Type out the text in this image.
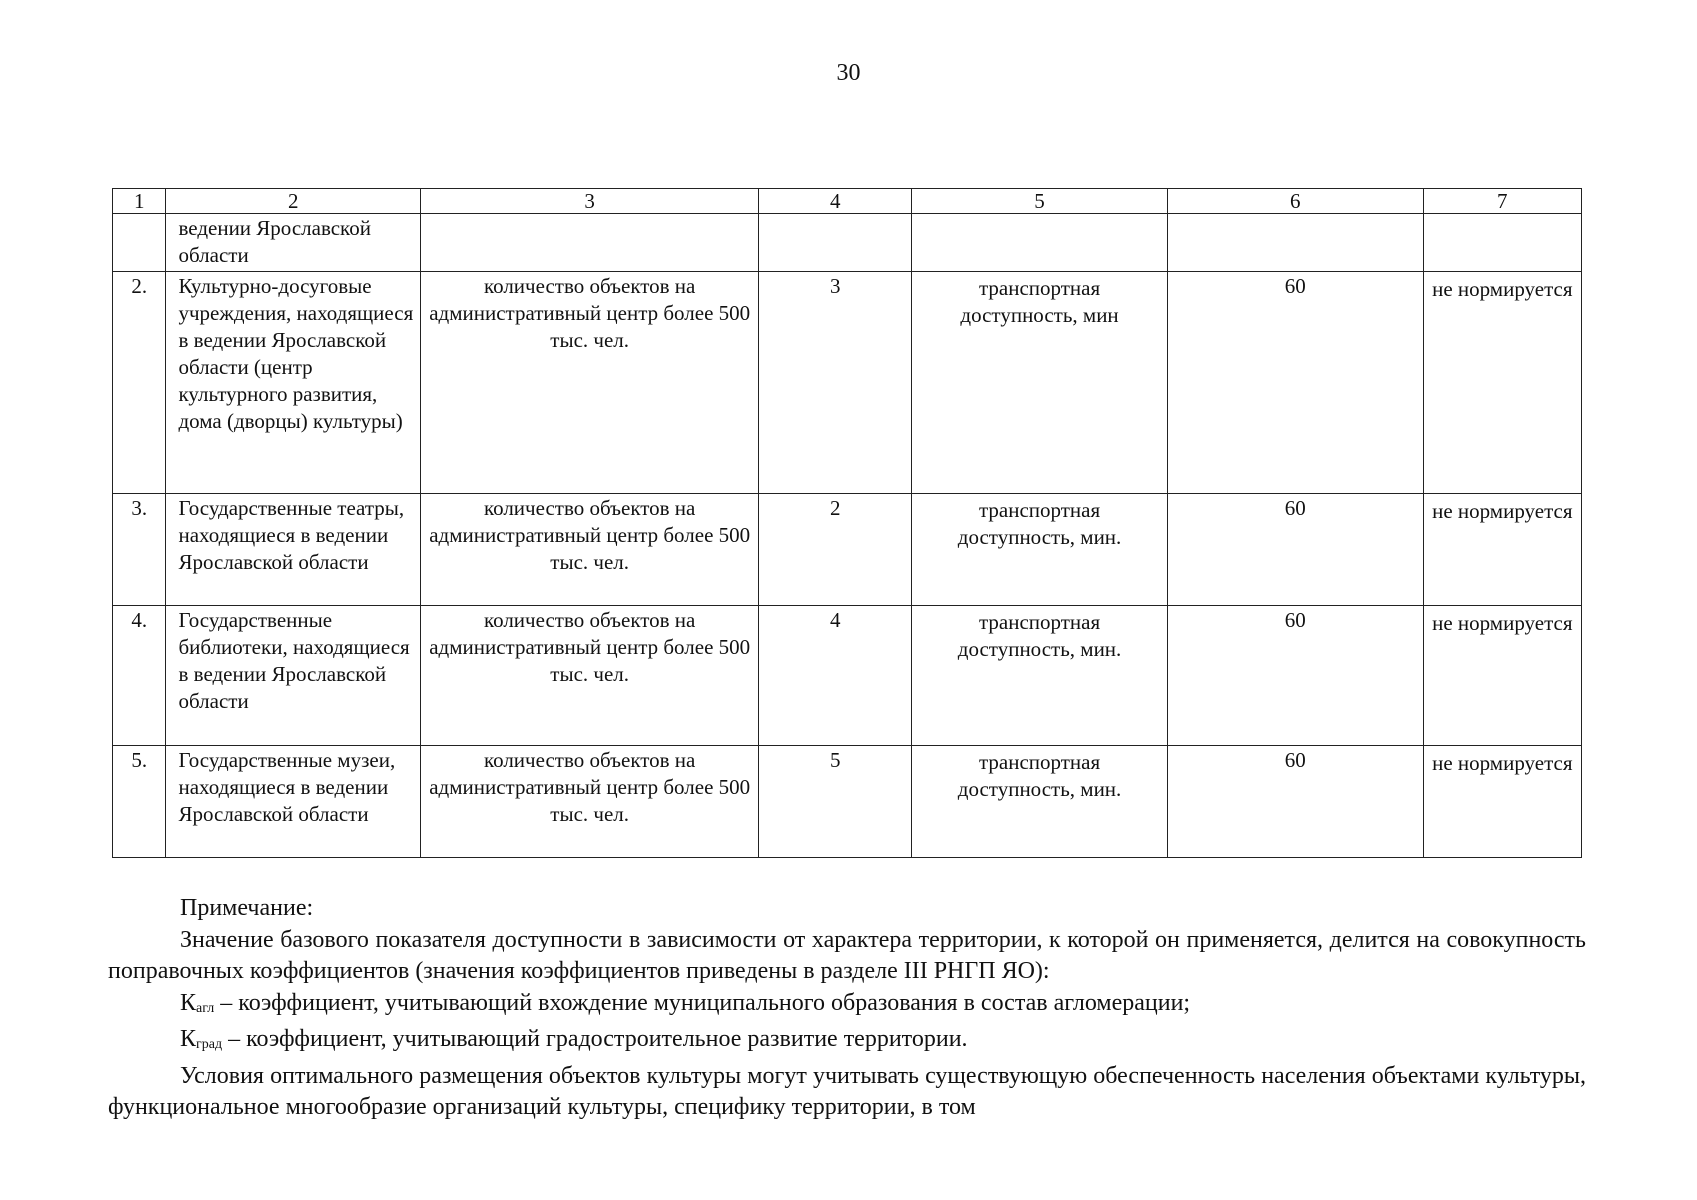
30
1	2	3	4	5	6	7
	ведении Ярославской области					
2.	Культурно-досуговые учреждения, находящиеся в ведении Ярославской области (центр культурного развития, дома (дворцы) культуры)	количество объектов на административный центр более 500 тыс. чел.	3	транспортная доступность, мин	60	не нормируется
3.	Государственные театры, находящиеся в ведении Ярославской области	количество объектов на административный центр более 500 тыс. чел.	2	транспортная доступность, мин.	60	не нормируется
4.	Государственные библиотеки, находящиеся в ведении Ярославской области	количество объектов на административный центр более 500 тыс. чел.	4	транспортная доступность, мин.	60	не нормируется
5.	Государственные музеи, находящиеся в ведении Ярославской области	количество объектов на административный центр более 500 тыс. чел.	5	транспортная доступность, мин.	60	не нормируется

Примечание:

Значение базового показателя доступности в зависимости от характера территории, к которой он применяется, делится на совокупность поправочных коэффициентов (значения коэффициентов приведены в разделе III РНГП ЯО):

$К_{агл}$ – коэффициент, учитывающий вхождение муниципального образования в состав агломерации;

$К_{град}$ – коэффициент, учитывающий градостроительное развитие территории.

Условия оптимального размещения объектов культуры могут учитывать существующую обеспеченность населения объектами культуры, функциональное многообразие организаций культуры, специфику территории, в том
